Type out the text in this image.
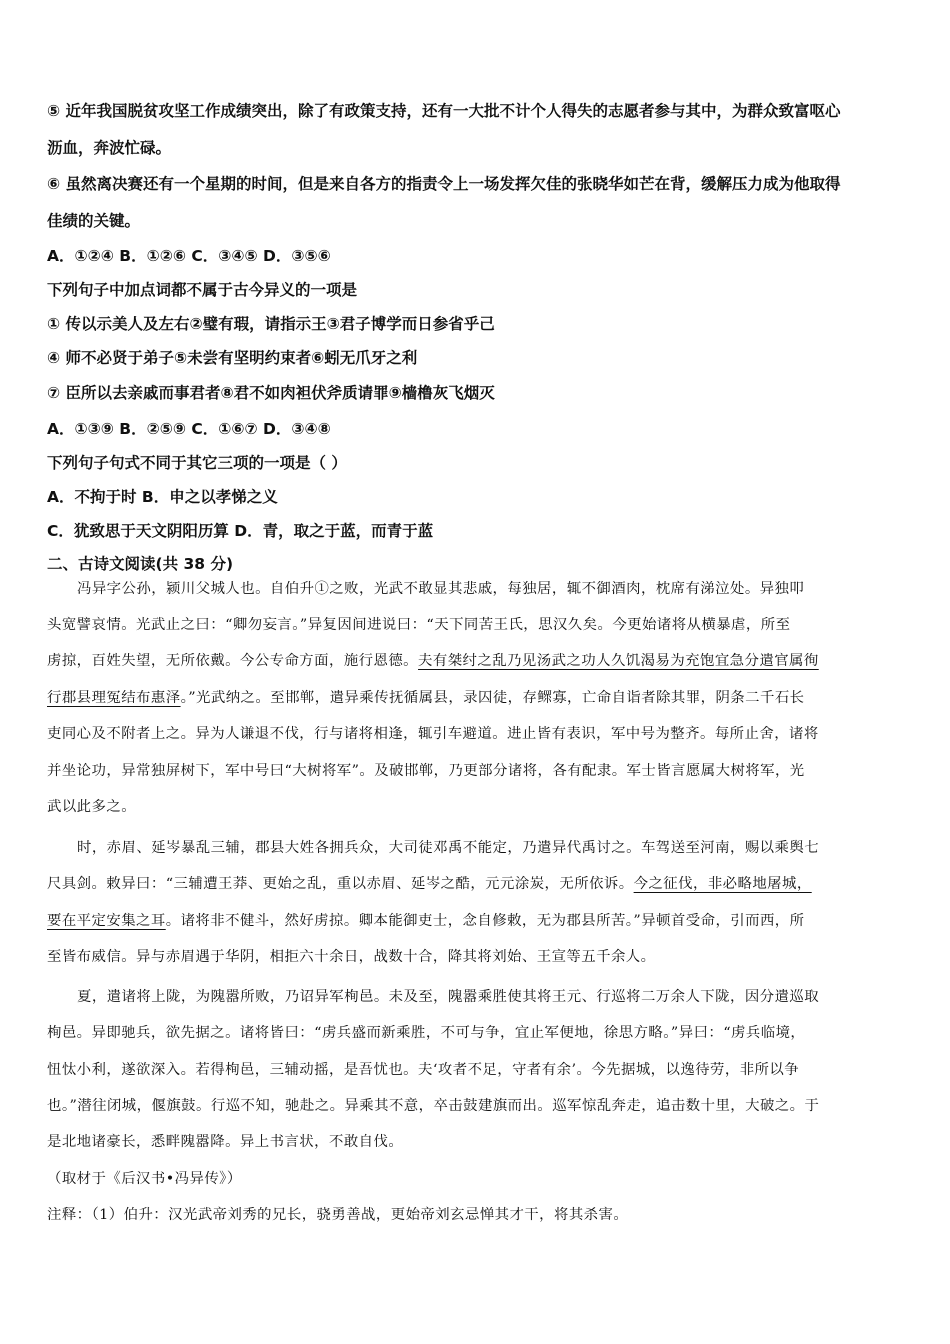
⑤ 近年我国脱贫攻坚工作成绩突出，除了有政策支持，还有一大批不计个人得失的志愿者参与其中，为群众致富呕心

沥血，奔波忙碌。

⑥ 虽然离决赛还有一个星期的时间，但是来自各方的指责令上一场发挥欠佳的张晓华如芒在背，缓解压力成为他取得

佳绩的关键。

A．①②④ B．①②⑥ C．③④⑤ D．③⑤⑥

下列句子中加点词都不属于古今异义的一项是

① 传以示美人及左右②璧有瑕，请指示王③君子博学而日参省乎己

④ 师不必贤于弟子⑤未尝有坚明约束者⑥蚓无爪牙之利

⑦ 臣所以去亲戚而事君者⑧君不如肉袒伏斧质请罪⑨樯橹灰飞烟灭

A．①③⑨ B．②⑤⑨ C．①⑥⑦ D．③④⑧

下列句子句式不同于其它三项的一项是（ ）

A．不拘于时 B．申之以孝悌之义

C．犹致思于天文阴阳历算 D．青，取之于蓝，而青于蓝

二、古诗文阅读(共 38 分)

冯异字公孙，颍川父城人也。自伯升①之败，光武不敢显其悲戚，每独居，辄不御酒肉，枕席有涕泣处。异独叩

头宽譬哀情。光武止之曰：“卿勿妄言。”异复因间进说曰：“天下同苦王氏，思汉久矣。今更始诸将从横暴虐，所至

虏掠，百姓失望，无所依戴。今公专命方面，施行恩德。夫有桀纣之乱乃见汤武之功人久饥渴易为充饱宜急分遣官属徇

行郡县理冤结布惠泽。”光武纳之。至邯郸，遣异乘传抚循属县，录囚徒，存鳏寡，亡命自诣者除其罪，阴条二千石长

吏同心及不附者上之。异为人谦退不伐，行与诸将相逢，辄引车避道。进止皆有表识，军中号为整齐。每所止舍，诸将

并坐论功，异常独屏树下，军中号曰“大树将军”。及破邯郸，乃更部分诸将，各有配隶。军士皆言愿属大树将军，光

武以此多之。

时，赤眉、延岑暴乱三辅，郡县大姓各拥兵众，大司徒邓禹不能定，乃遣异代禹讨之。车驾送至河南，赐以乘舆七

尺具剑。敕异曰：“三辅遭王莽、更始之乱，重以赤眉、延岑之酷，元元涂炭，无所依诉。今之征伐，非必略地屠城，

要在平定安集之耳。诸将非不健斗，然好虏掠。卿本能御吏士，念自修敕，无为郡县所苦。”异顿首受命，引而西，所

至皆布威信。异与赤眉遇于华阴，相拒六十余日，战数十合，降其将刘始、王宣等五千余人。

夏，遣诸将上陇，为隗嚣所败，乃诏异军栒邑。未及至，隗嚣乘胜使其将王元、行巡将二万余人下陇，因分遣巡取

栒邑。异即驰兵，欲先据之。诸将皆曰：“虏兵盛而新乘胜，不可与争，宜止军便地，徐思方略。”异曰：“虏兵临境，

忸忲小利，遂欲深入。若得栒邑，三辅动摇，是吾忧也。夫‘攻者不足，守者有余’。今先据城，以逸待劳，非所以争

也。”潜往闭城，偃旗鼓。行巡不知，驰赴之。异乘其不意，卒击鼓建旗而出。巡军惊乱奔走，追击数十里，大破之。于

是北地诸豪长，悉畔隗嚣降。异上书言状，不敢自伐。

（取材于《后汉书•冯异传》）

注释：（1）伯升：汉光武帝刘秀的兄长，骁勇善战，更始帝刘玄忌惮其才干，将其杀害。
